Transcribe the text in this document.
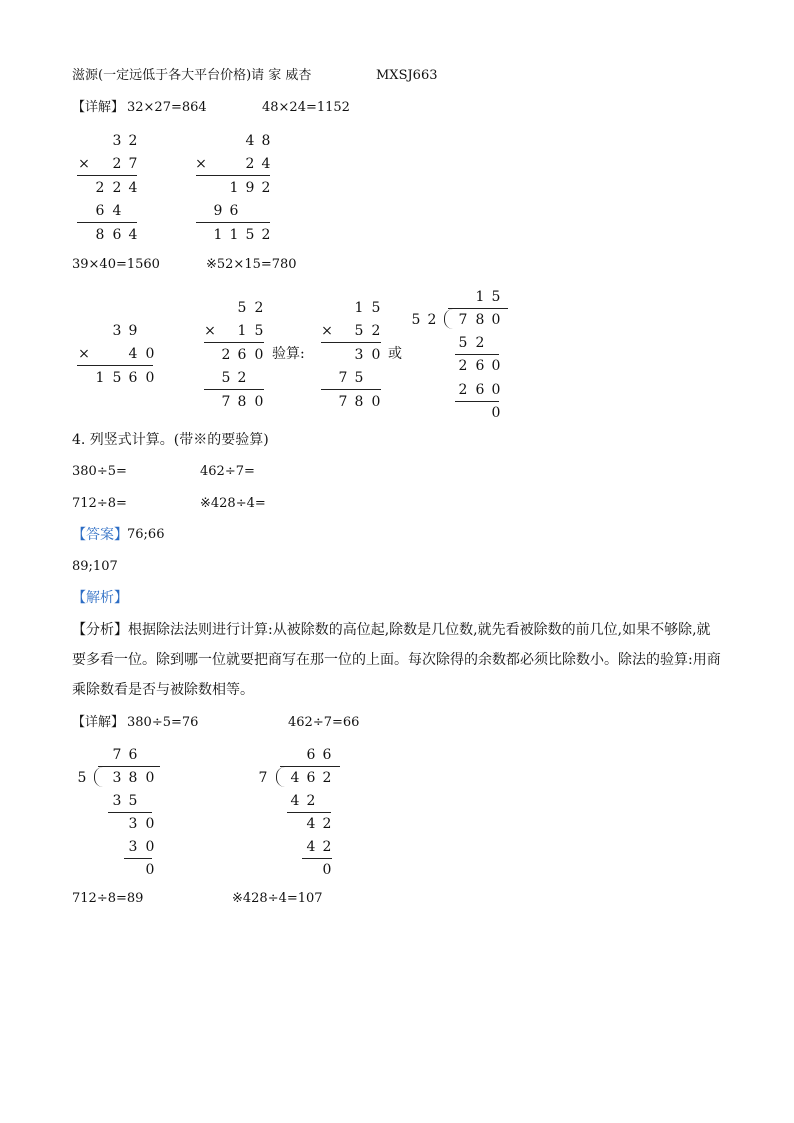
滋源(一定远低于各大平台价格)请 家 威杏	MXSJ663
【详解】 32×27=864	48×24=1152
3 2
× 2 7
2 2 4
6 4
8 6 4
4 8
×	2 4
1 9 2
9 6
1 1 5 2
39×40=1560	※52×15=780
3 9
×	4 0
1 5 6 0
5 2
× 1 5
2 6 0
5 2
7 8 0
验算:
1 5
× 5 2
3 0
7 5
7 8 0
或
1 5
5 2 7 8 0
5 2
2 6 0
2 6 0
0
4. 列竖式计算。(带※的要验算)
380÷5=	462÷7=
712÷8=	※428÷4=
【答案】 76;66
89;107
【解析】
【分析】根据除法法则进行计算:从被除数的高位起,除数是几位数,就先看被除数的前几位,如果不够除,就要多看一位。除到哪一位就要把商写在那一位的上面。每次除得的余数都必须比除数小。除法的验算:用商乘除数看是否与被除数相等。
【详解】 380÷5=76	462÷7=66
7 6
5 3 8 0
3 5
3 0
3 0
0
6 6
7 4 6 2
4 2
4 2
4 2
0
712÷8=89	※428÷4=107
